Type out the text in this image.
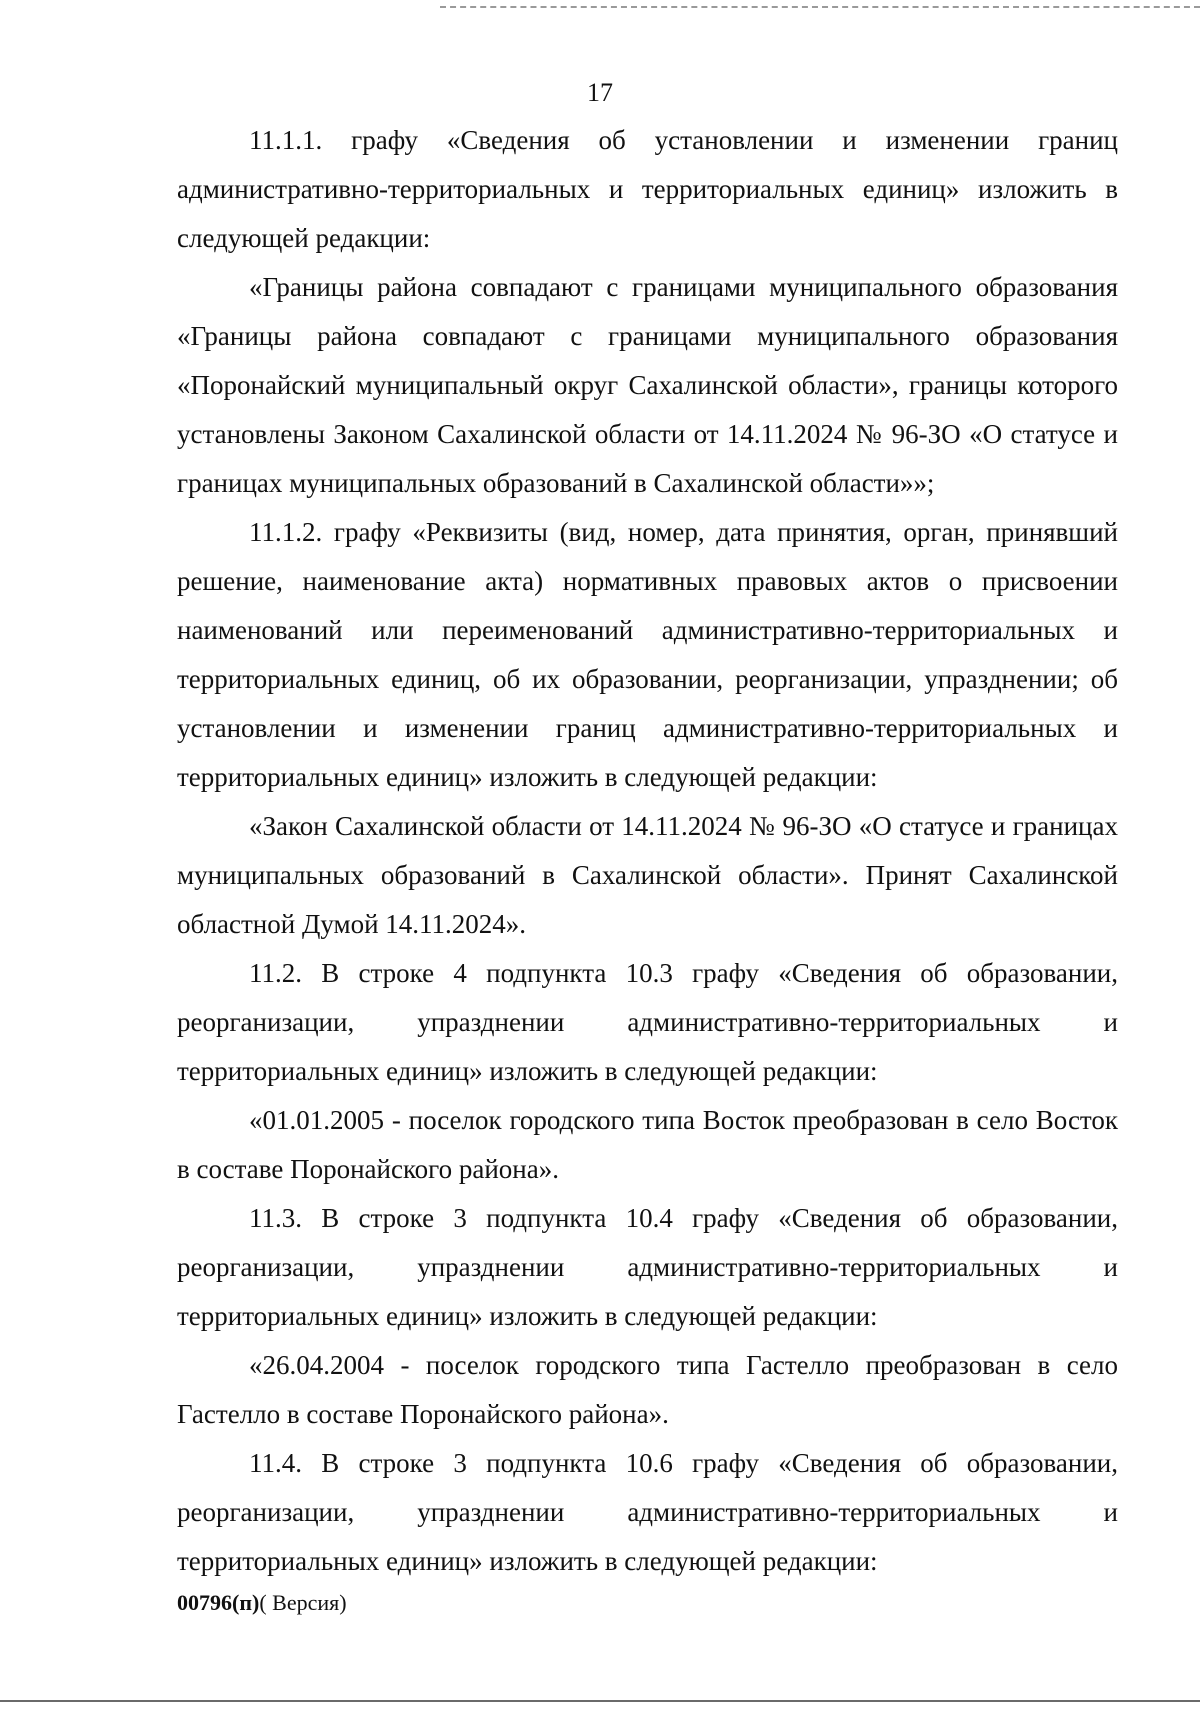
17

11.1.1. графу «Сведения об установлении и изменении границ административно-территориальных и территориальных единиц» изложить в следующей редакции:

«Границы района совпадают с границами муниципального образования «Границы района совпадают с границами муниципального образования «Поронайский муниципальный округ Сахалинской области», границы которого установлены Законом Сахалинской области от 14.11.2024 № 96-ЗО «О статусе и границах муниципальных образований в Сахалинской области»»;

11.1.2. графу «Реквизиты (вид, номер, дата принятия, орган, принявший решение, наименование акта) нормативных правовых актов о присвоении наименований или переименований административно-территориальных и территориальных единиц, об их образовании, реорганизации, упразднении; об установлении и изменении границ административно-территориальных и территориальных единиц» изложить в следующей редакции:

«Закон Сахалинской области от 14.11.2024 № 96-ЗО «О статусе и границах муниципальных образований в Сахалинской области». Принят Сахалинской областной Думой 14.11.2024».

11.2. В строке 4 подпункта 10.3 графу «Сведения об образовании, реорганизации, упразднении административно-территориальных и территориальных единиц» изложить в следующей редакции:

«01.01.2005 - поселок городского типа Восток преобразован в село Восток в составе Поронайского района».

11.3. В строке 3 подпункта 10.4 графу «Сведения об образовании, реорганизации, упразднении административно-территориальных и территориальных единиц» изложить в следующей редакции:

«26.04.2004 - поселок городского типа Гастелло преобразован в село Гастелло в составе Поронайского района».

11.4. В строке 3 подпункта 10.6 графу «Сведения об образовании, реорганизации, упразднении административно-территориальных и территориальных единиц» изложить в следующей редакции:

00796(п)( Версия)
